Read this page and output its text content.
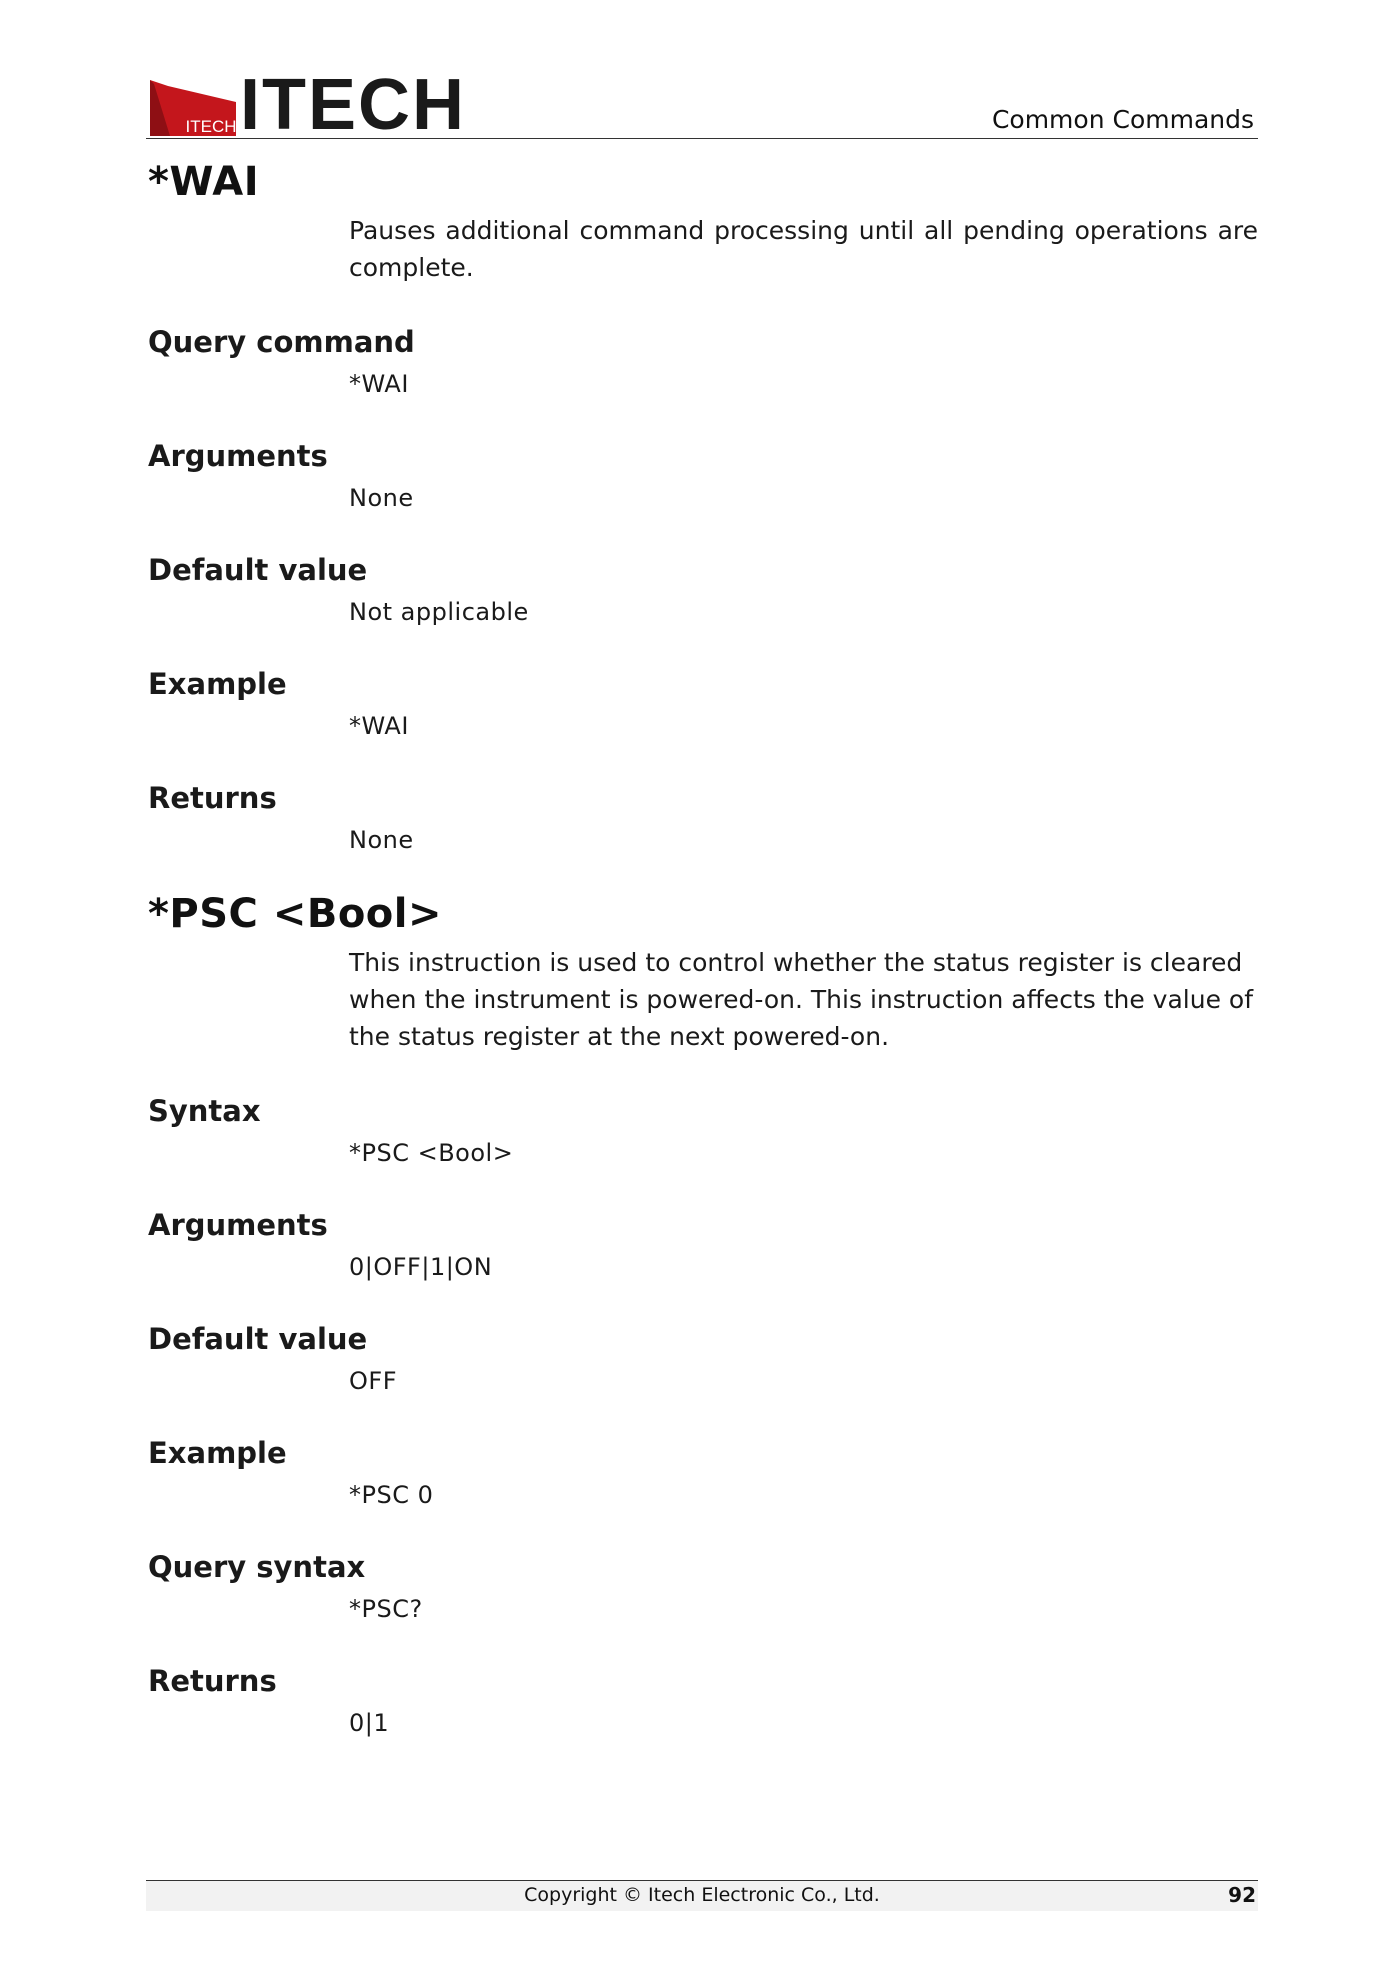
ITECH ITECH	Common Commands
*WAI

Pauses additional command processing until all pending operations are complete.

Query command
*WAI
Arguments
None
Default value
Not applicable
Example
*WAI
Returns
None
*PSC <Bool>

This instruction is used to control whether the status register is cleared when the instrument is powered-on. This instruction affects the value of the status register at the next powered-on.

Syntax
*PSC <Bool>
Arguments
0|OFF|1|ON
Default value
OFF
Example
*PSC 0
Query syntax
*PSC?
Returns
0|1
Copyright © Itech Electronic Co., Ltd.	92
